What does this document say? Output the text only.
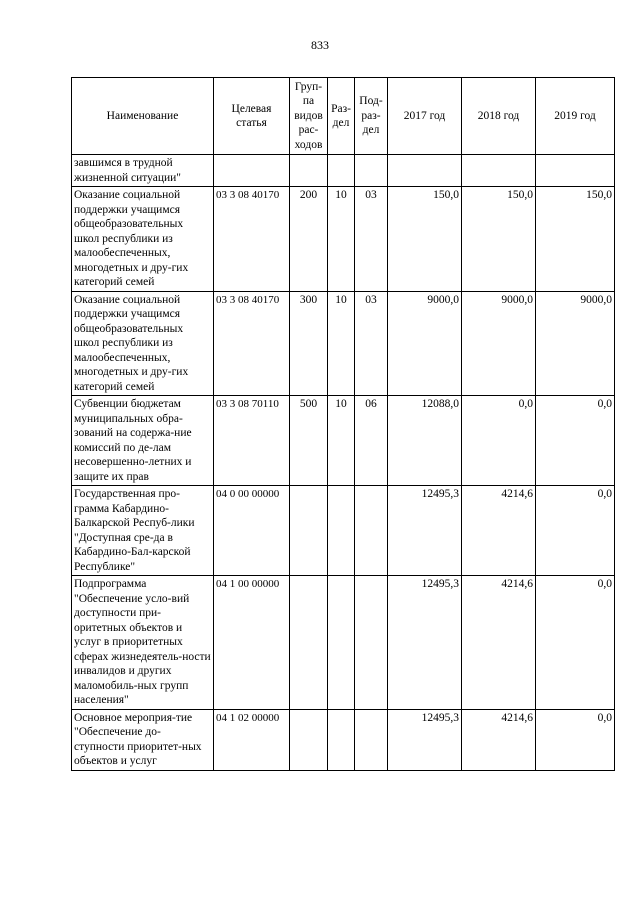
833
Наименование	Целевая статья	Груп-па видов рас-ходов	Раз-дел	Под-раз-дел	2017 год	2018 год	2019 год
завшимся в трудной жизненной ситуации"							
Оказание социальной поддержки учащимся общеобразовательных школ республики из малообеспеченных, многодетных и дру-гих категорий семей	03 3 08 40170	200	10	03	150,0	150,0	150,0
Оказание социальной поддержки учащимся общеобразовательных школ республики из малообеспеченных, многодетных и дру-гих категорий семей	03 3 08 40170	300	10	03	9000,0	9000,0	9000,0
Субвенции бюджетам муниципальных обра-зований на содержа-ние комиссий по де-лам несовершенно-летних и защите их прав	03 3 08 70110	500	10	06	12088,0	0,0	0,0
Государственная про-грамма Кабардино-Балкарской Респуб-лики "Доступная сре-да в Кабардино-Бал-карской Республике"	04 0 00 00000				12495,3	4214,6	0,0
Подпрограмма "Обеспечение усло-вий доступности при-оритетных объектов и услуг в приоритетных сферах жизнедеятель-ности инвалидов и других маломобиль-ных групп населения"	04 1 00 00000				12495,3	4214,6	0,0
Основное мероприя-тие "Обеспечение до-ступности приоритет-ных объектов и услуг	04 1 02 00000				12495,3	4214,6	0,0
